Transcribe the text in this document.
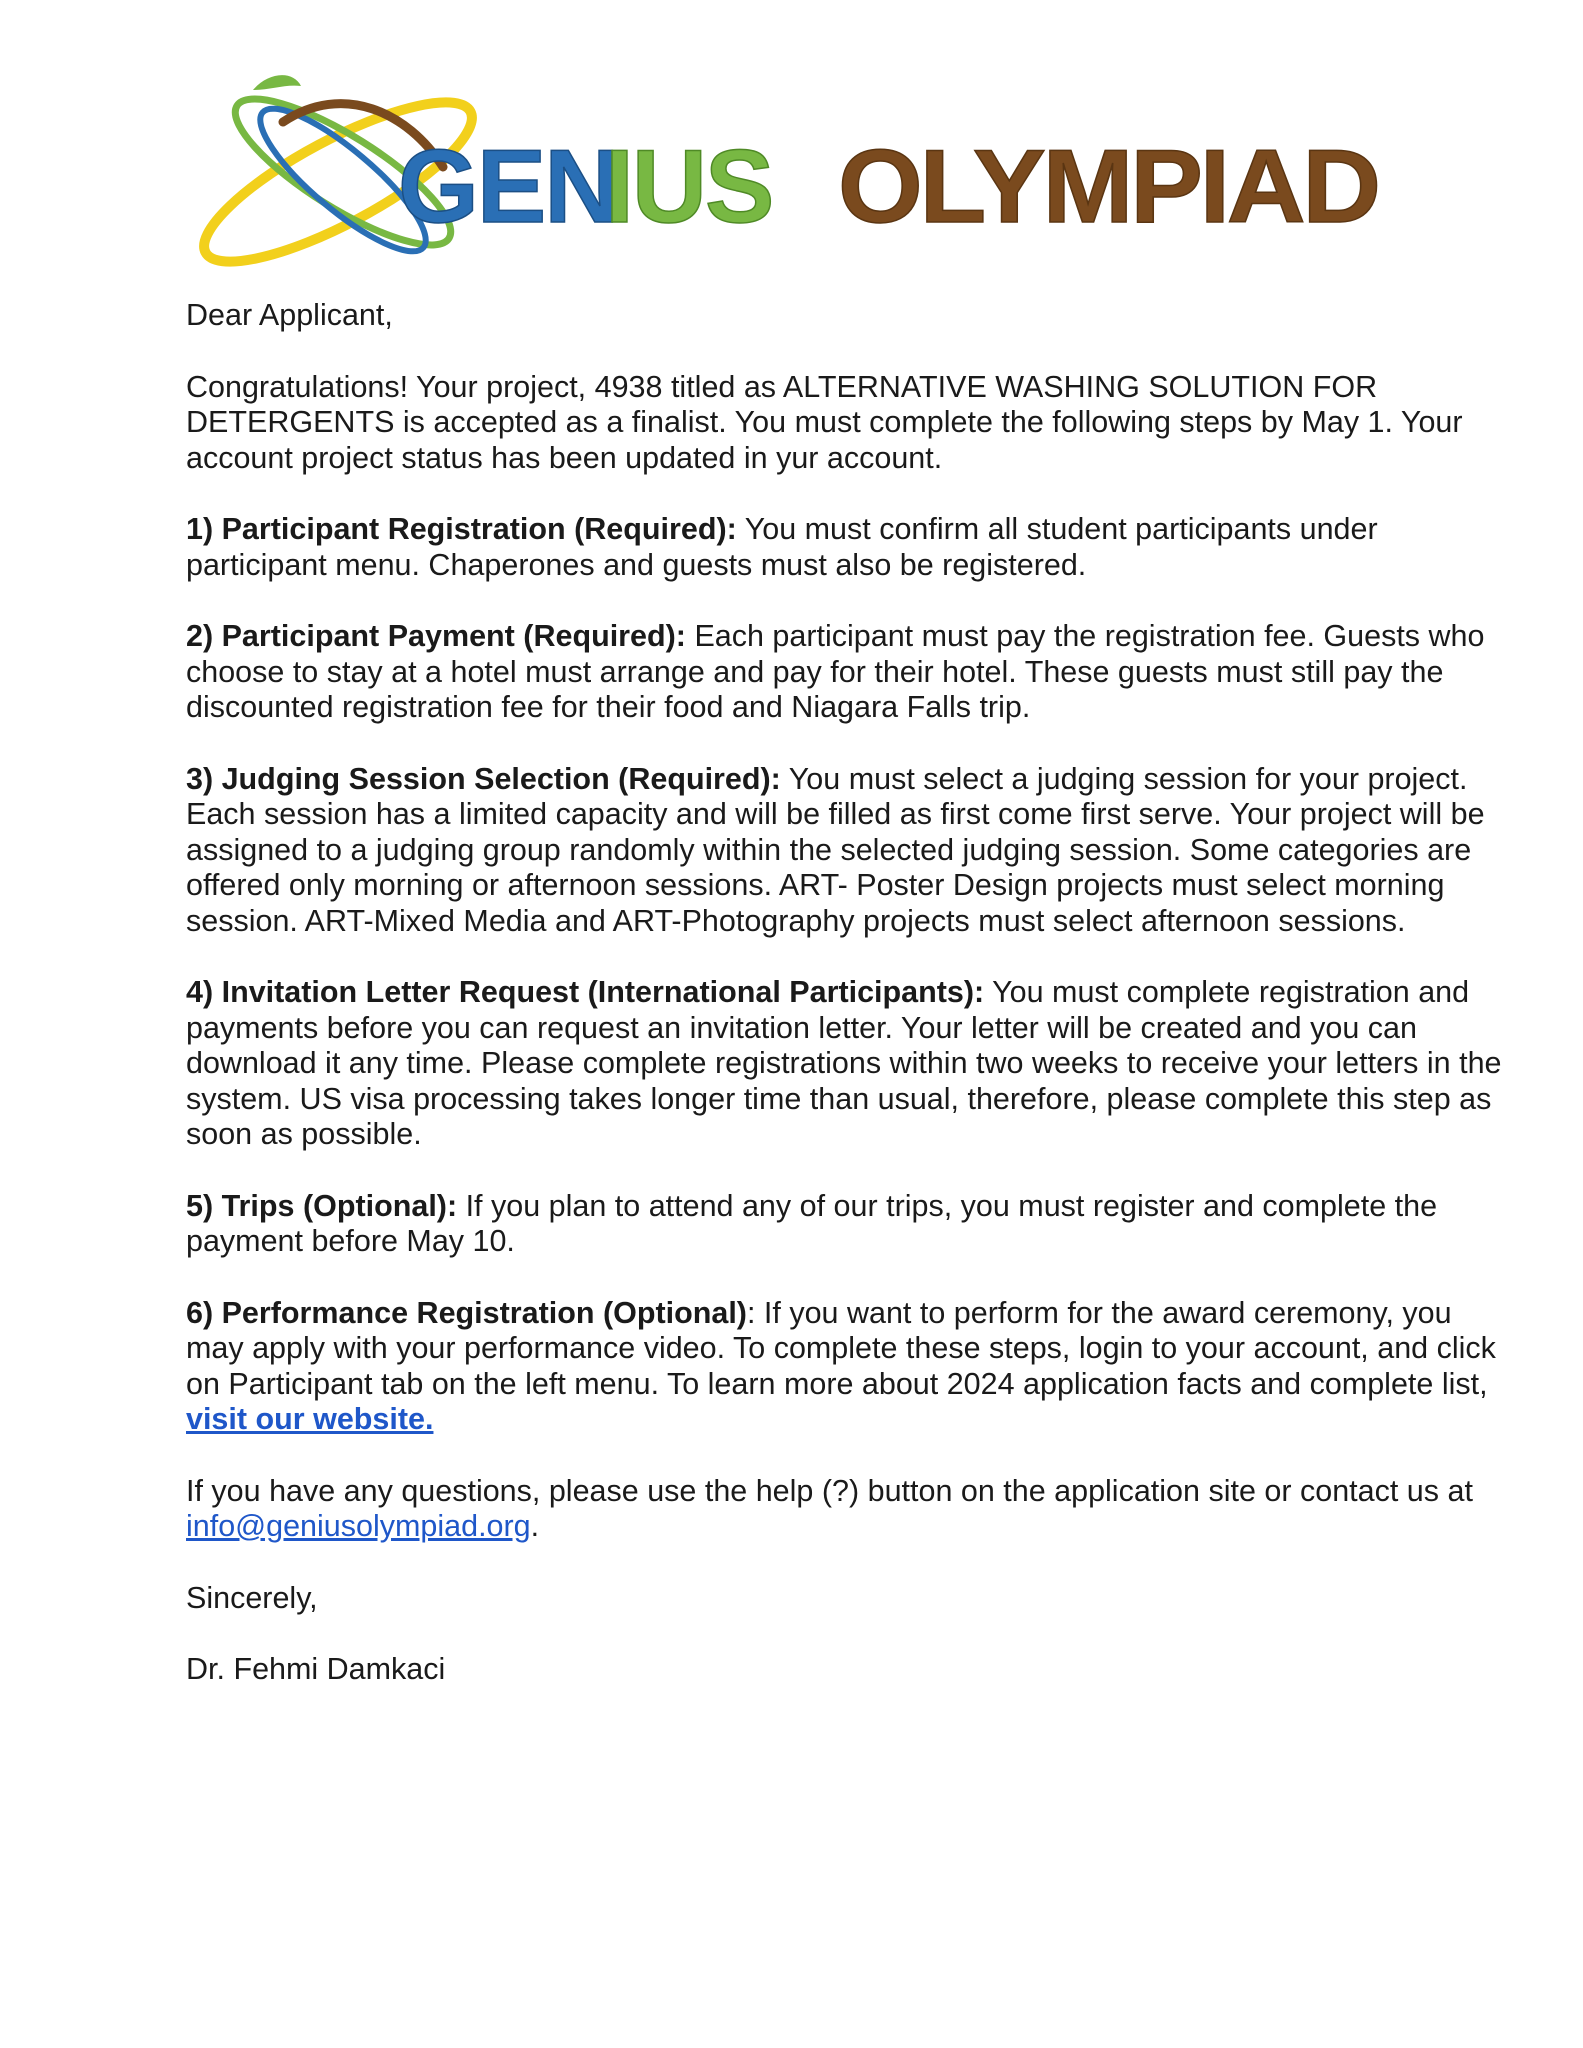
GEN
IUS OLYMPIAD

Dear Applicant,

Congratulations! Your project, 4938 titled as ALTERNATIVE WASHING SOLUTION FOR DETERGENTS is accepted as a finalist. You must complete the following steps by May 1. Your account project status has been updated in yur account.

1) Participant Registration (Required): You must confirm all student participants under participant menu. Chaperones and guests must also be registered.

2) Participant Payment (Required): Each participant must pay the registration fee. Guests who choose to stay at a hotel must arrange and pay for their hotel. These guests must still pay the discounted registration fee for their food and Niagara Falls trip.

3) Judging Session Selection (Required): You must select a judging session for your project. Each session has a limited capacity and will be filled as first come first serve. Your project will be assigned to a judging group randomly within the selected judging session. Some categories are offered only morning or afternoon sessions. ART- Poster Design projects must select morning session. ART-Mixed Media and ART-Photography projects must select afternoon sessions.

4) Invitation Letter Request (International Participants): You must complete registration and payments before you can request an invitation letter. Your letter will be created and you can download it any time. Please complete registrations within two weeks to receive your letters in the system. US visa processing takes longer time than usual, therefore, please complete this step as soon as possible.

5) Trips (Optional): If you plan to attend any of our trips, you must register and complete the payment before May 10.

6) Performance Registration (Optional): If you want to perform for the award ceremony, you may apply with your performance video. To complete these steps, login to your account, and click on Participant tab on the left menu. To learn more about 2024 application facts and complete list, visit our website.

If you have any questions, please use the help (?) button on the application site or contact us at info@geniusolympiad.org.

Sincerely,

Dr. Fehmi Damkaci
